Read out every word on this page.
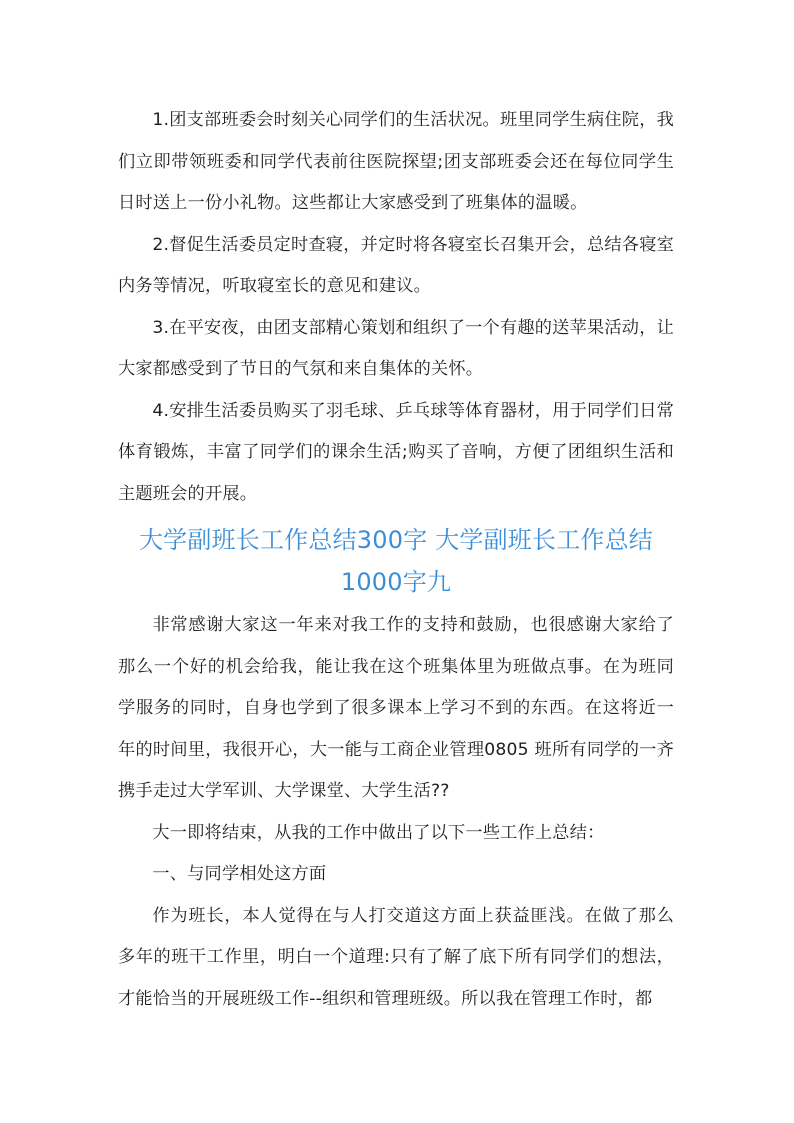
1.团支部班委会时刻关心同学们的生活状况。班里同学生病住院，我们立即带领班委和同学代表前往医院探望;团支部班委会还在每位同学生日时送上一份小礼物。这些都让大家感受到了班集体的温暖。

2.督促生活委员定时查寝，并定时将各寝室长召集开会，总结各寝室内务等情况，听取寝室长的意见和建议。

3.在平安夜，由团支部精心策划和组织了一个有趣的送苹果活动，让大家都感受到了节日的气氛和来自集体的关怀。

4.安排生活委员购买了羽毛球、乒乓球等体育器材，用于同学们日常体育锻炼，丰富了同学们的课余生活;购买了音响，方便了团组织生活和主题班会的开展。

大学副班长工作总结300字 大学副班长工作总结1000字九

非常感谢大家这一年来对我工作的支持和鼓励，也很感谢大家给了那么一个好的机会给我，能让我在这个班集体里为班做点事。在为班同学服务的同时，自身也学到了很多课本上学习不到的东西。在这将近一年的时间里，我很开心，大一能与工商企业管理0805 班所有同学的一齐携手走过大学军训、大学课堂、大学生活??

大一即将结束，从我的工作中做出了以下一些工作上总结：

一、与同学相处这方面

作为班长，本人觉得在与人打交道这方面上获益匪浅。在做了那么多年的班干工作里，明白一个道理:只有了解了底下所有同学们的想法，才能恰当的开展班级工作--组织和管理班级。所以我在管理工作时，都
